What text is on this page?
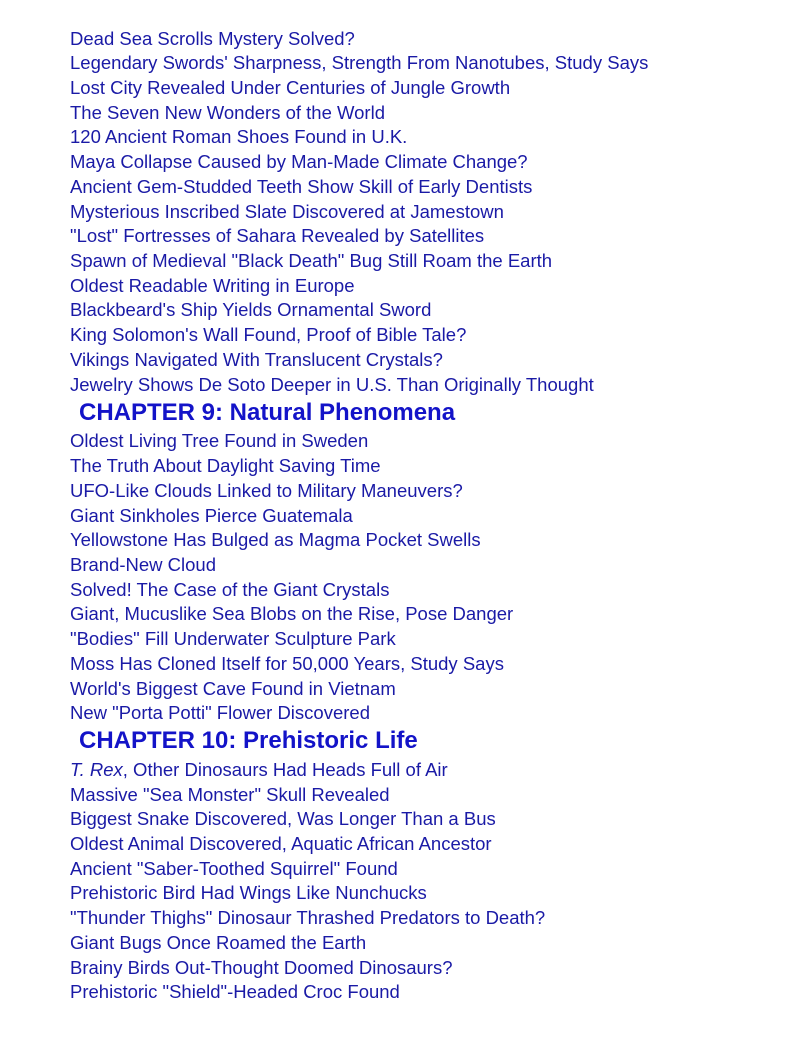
Dead Sea Scrolls Mystery Solved?
Legendary Swords' Sharpness, Strength From Nanotubes, Study Says
Lost City Revealed Under Centuries of Jungle Growth
The Seven New Wonders of the World
120 Ancient Roman Shoes Found in U.K.
Maya Collapse Caused by Man-Made Climate Change?
Ancient Gem-Studded Teeth Show Skill of Early Dentists
Mysterious Inscribed Slate Discovered at Jamestown
"Lost" Fortresses of Sahara Revealed by Satellites
Spawn of Medieval "Black Death" Bug Still Roam the Earth
Oldest Readable Writing in Europe
Blackbeard's Ship Yields Ornamental Sword
King Solomon's Wall Found, Proof of Bible Tale?
Vikings Navigated With Translucent Crystals?
Jewelry Shows De Soto Deeper in U.S. Than Originally Thought
CHAPTER 9: Natural Phenomena
Oldest Living Tree Found in Sweden
The Truth About Daylight Saving Time
UFO-Like Clouds Linked to Military Maneuvers?
Giant Sinkholes Pierce Guatemala
Yellowstone Has Bulged as Magma Pocket Swells
Brand-New Cloud
Solved! The Case of the Giant Crystals
Giant, Mucuslike Sea Blobs on the Rise, Pose Danger
"Bodies" Fill Underwater Sculpture Park
Moss Has Cloned Itself for 50,000 Years, Study Says
World's Biggest Cave Found in Vietnam
New "Porta Potti" Flower Discovered
CHAPTER 10: Prehistoric Life
T. Rex, Other Dinosaurs Had Heads Full of Air
Massive "Sea Monster" Skull Revealed
Biggest Snake Discovered, Was Longer Than a Bus
Oldest Animal Discovered, Aquatic African Ancestor
Ancient "Saber-Toothed Squirrel" Found
Prehistoric Bird Had Wings Like Nunchucks
"Thunder Thighs" Dinosaur Thrashed Predators to Death?
Giant Bugs Once Roamed the Earth
Brainy Birds Out-Thought Doomed Dinosaurs?
Prehistoric "Shield"-Headed Croc Found
